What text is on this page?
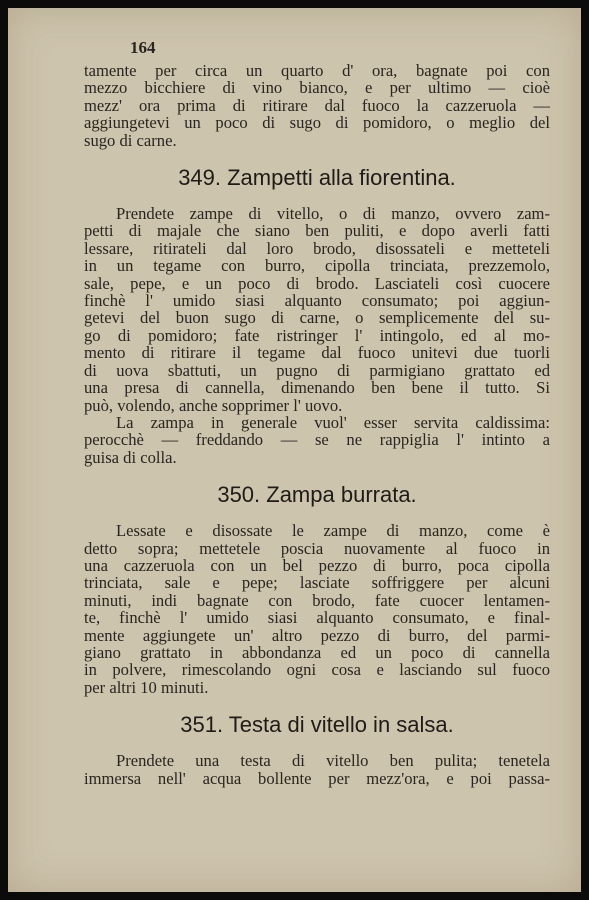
164

tamente per circa un quarto d' ora, bagnate poi con
mezzo bicchiere di vino bianco, e per ultimo — cioè
mezz' ora prima di ritirare dal fuoco la cazzeruola —
aggiungetevi un poco di sugo di pomidoro, o meglio del
sugo di carne.

349. Zampetti alla fiorentina.

Prendete zampe di vitello, o di manzo, ovvero zam-
petti di majale che siano ben puliti, e dopo averli fatti
lessare, ritirateli dal loro brodo, disossateli e metteteli
in un tegame con burro, cipolla trinciata, prezzemolo,
sale, pepe, e un poco di brodo. Lasciateli così cuocere
finchè l' umido siasi alquanto consumato; poi aggiun-
getevi del buon sugo di carne, o semplicemente del su-
go di pomidoro; fate ristringer l' intingolo, ed al mo-
mento di ritirare il tegame dal fuoco unitevi due tuorli
di uova sbattuti, un pugno di parmigiano grattato ed
una presa di cannella, dimenando ben bene il tutto. Si
può, volendo, anche sopprimer l' uovo.

La zampa in generale vuol' esser servita caldissima:
perocchè — freddando — se ne rappiglia l' intinto a
guisa di colla.

350. Zampa burrata.

Lessate e disossate le zampe di manzo, come è
detto sopra; mettetele poscia nuovamente al fuoco in
una cazzeruola con un bel pezzo di burro, poca cipolla
trinciata, sale e pepe; lasciate soffriggere per alcuni
minuti, indi bagnate con brodo, fate cuocer lentamen-
te, finchè l' umido siasi alquanto consumato, e final-
mente aggiungete un' altro pezzo di burro, del parmi-
giano grattato in abbondanza ed un poco di cannella
in polvere, rimescolando ogni cosa e lasciando sul fuoco
per altri 10 minuti.

351. Testa di vitello in salsa.

Prendete una testa di vitello ben pulita; tenetela
immersa nell' acqua bollente per mezz'ora, e poi passa-
